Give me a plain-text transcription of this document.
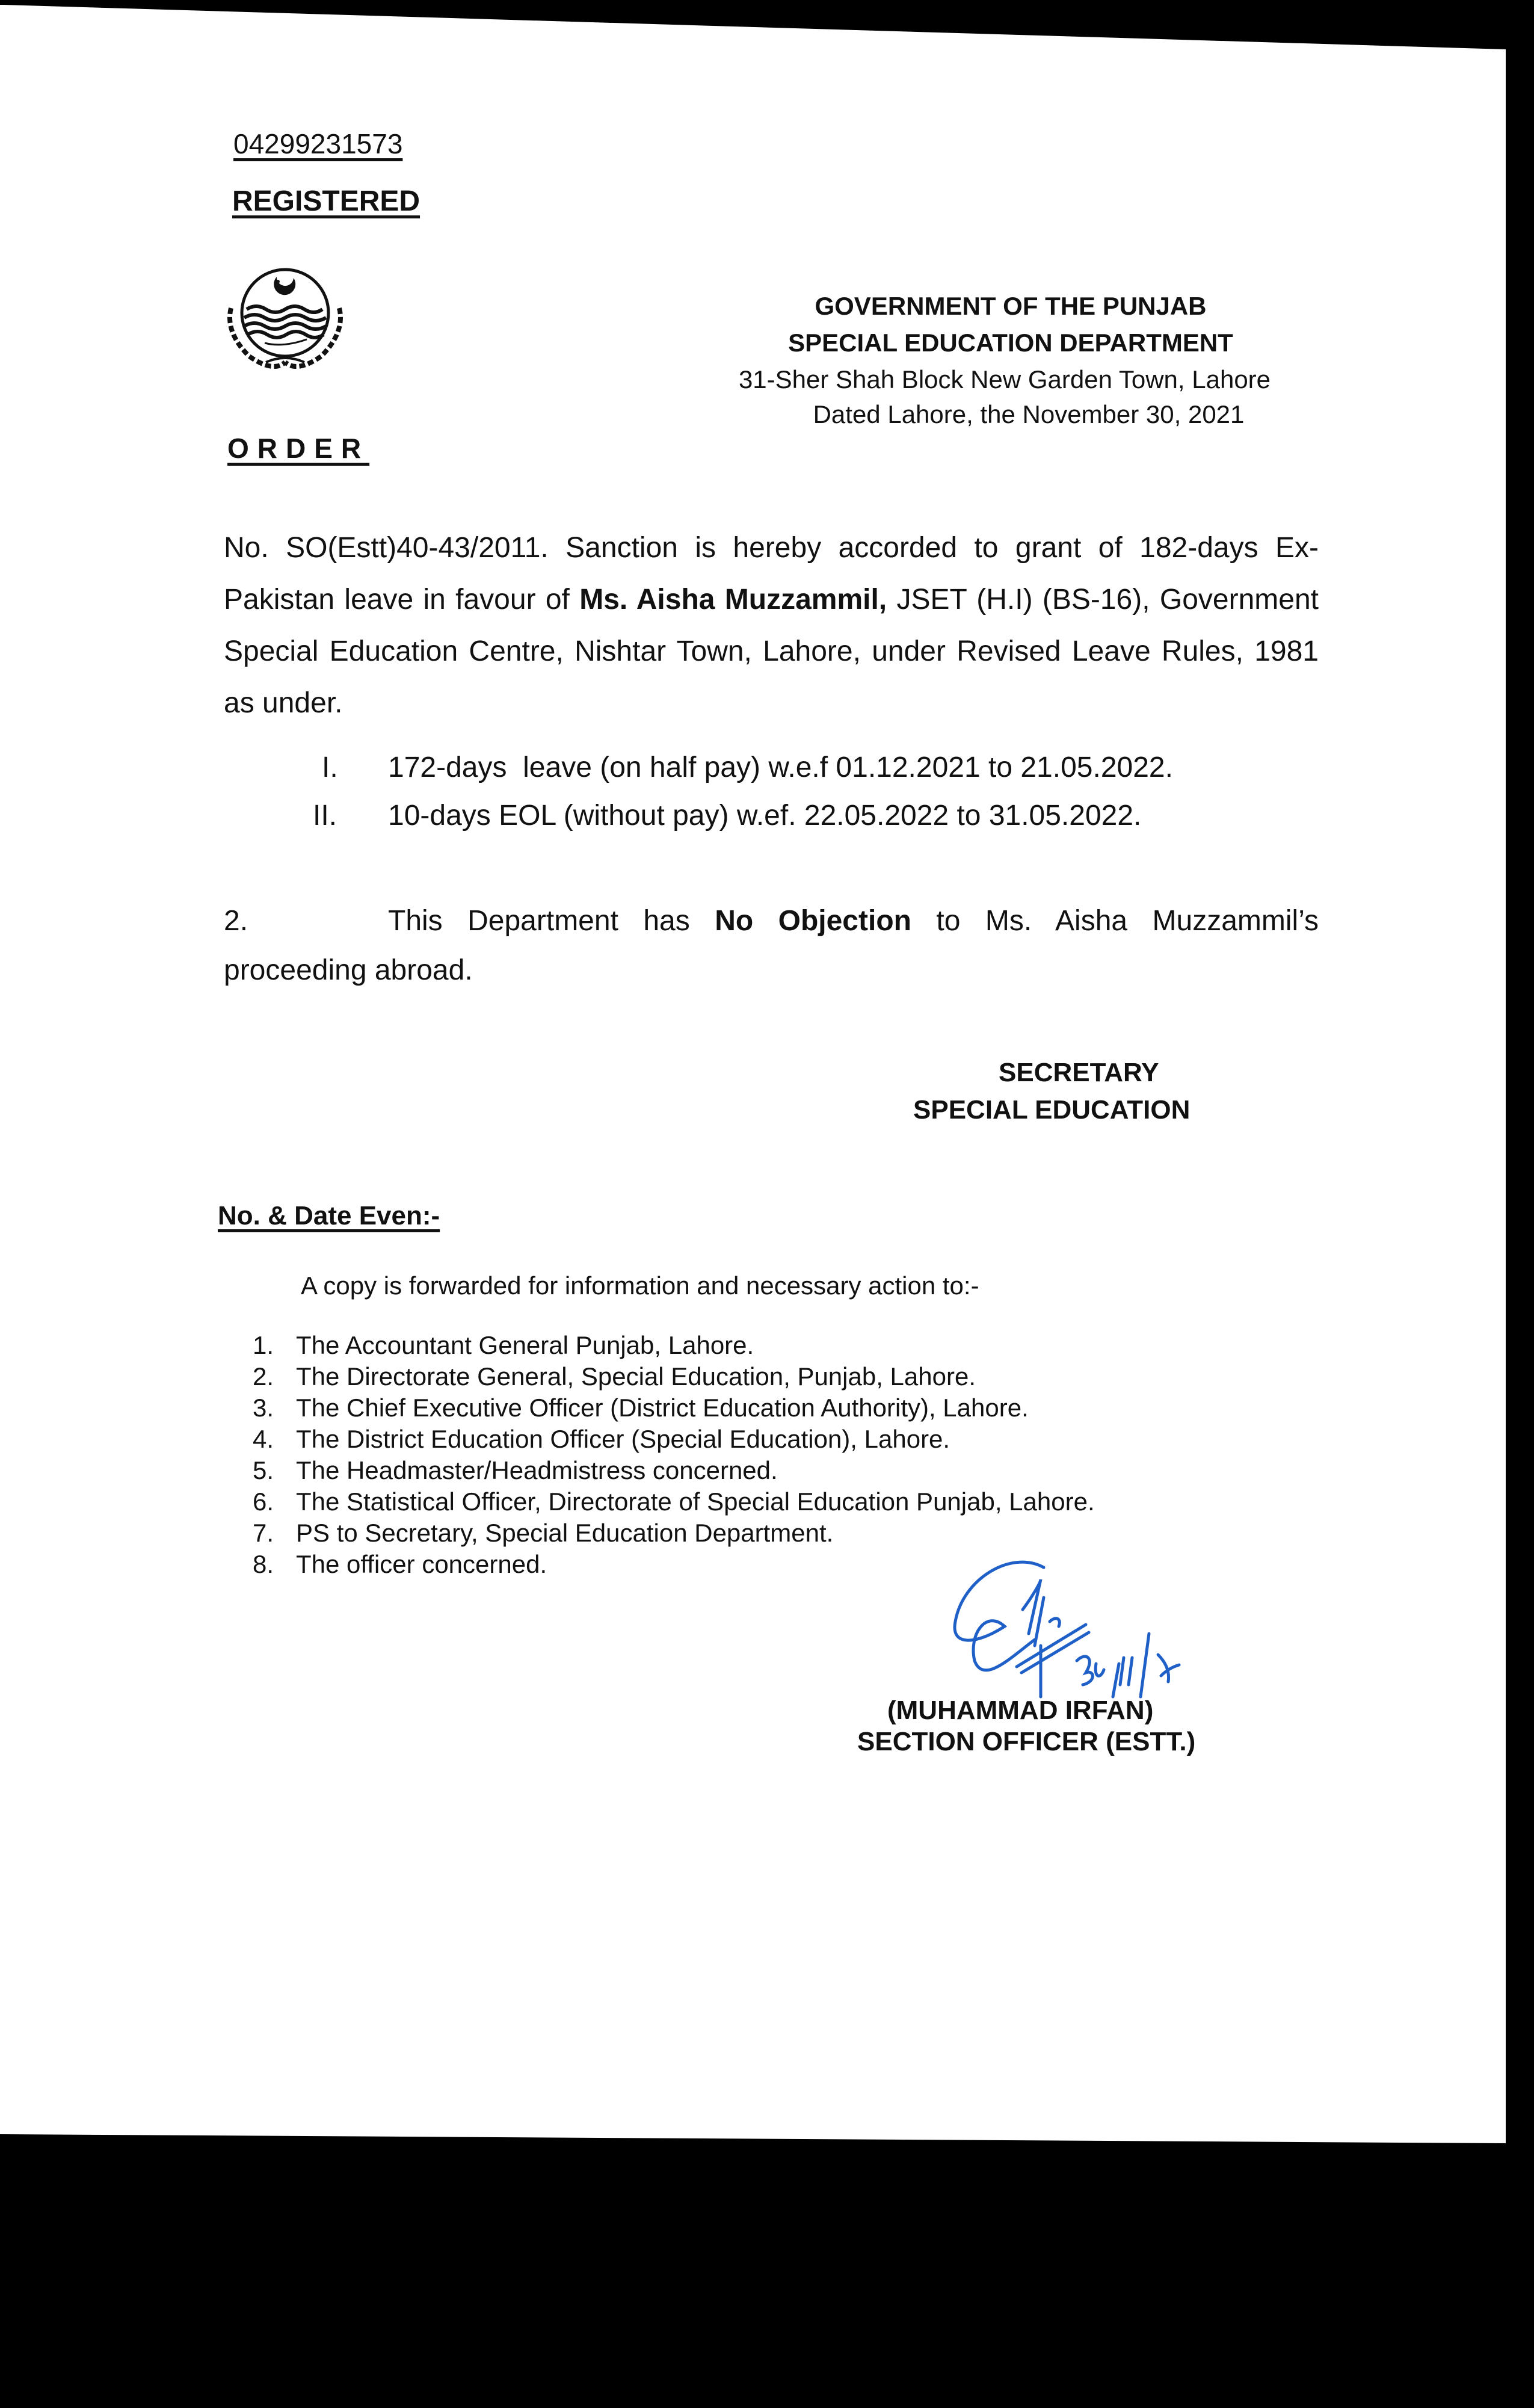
04299231573
REGISTERED
GOVERNMENT OF THE PUNJAB
SPECIAL EDUCATION DEPARTMENT
31-Sher Shah Block New Garden Town, Lahore
Dated Lahore, the November 30, 2021
ORDER
No. SO(Estt)40-43/2011. Sanction is hereby accorded to grant of 182-days Ex-Pakistan leave in favour of Ms. Aisha Muzzammil, JSET (H.I) (BS-16), Government Special Education Centre, Nishtar Town, Lahore, under Revised Leave Rules, 1981 as under.
I. 172-days  leave (on half pay) w.e.f 01.12.2021 to 21.05.2022.
II. 10-days EOL (without pay) w.ef. 22.05.2022 to 31.05.2022.
2.	This Department has No Objection to Ms. Aisha Muzzammil’s
proceeding abroad.
SECRETARY
SPECIAL EDUCATION
No. & Date Even:-
A copy is forwarded for information and necessary action to:-
1. The Accountant General Punjab, Lahore.
2. The Directorate General, Special Education, Punjab, Lahore.
3. The Chief Executive Officer (District Education Authority), Lahore.
4. The District Education Officer (Special Education), Lahore.
5. The Headmaster/Headmistress concerned.
6. The Statistical Officer, Directorate of Special Education Punjab, Lahore.
7. PS to Secretary, Special Education Department.
8. The officer concerned.
(MUHAMMAD IRFAN)
SECTION OFFICER (ESTT.)
